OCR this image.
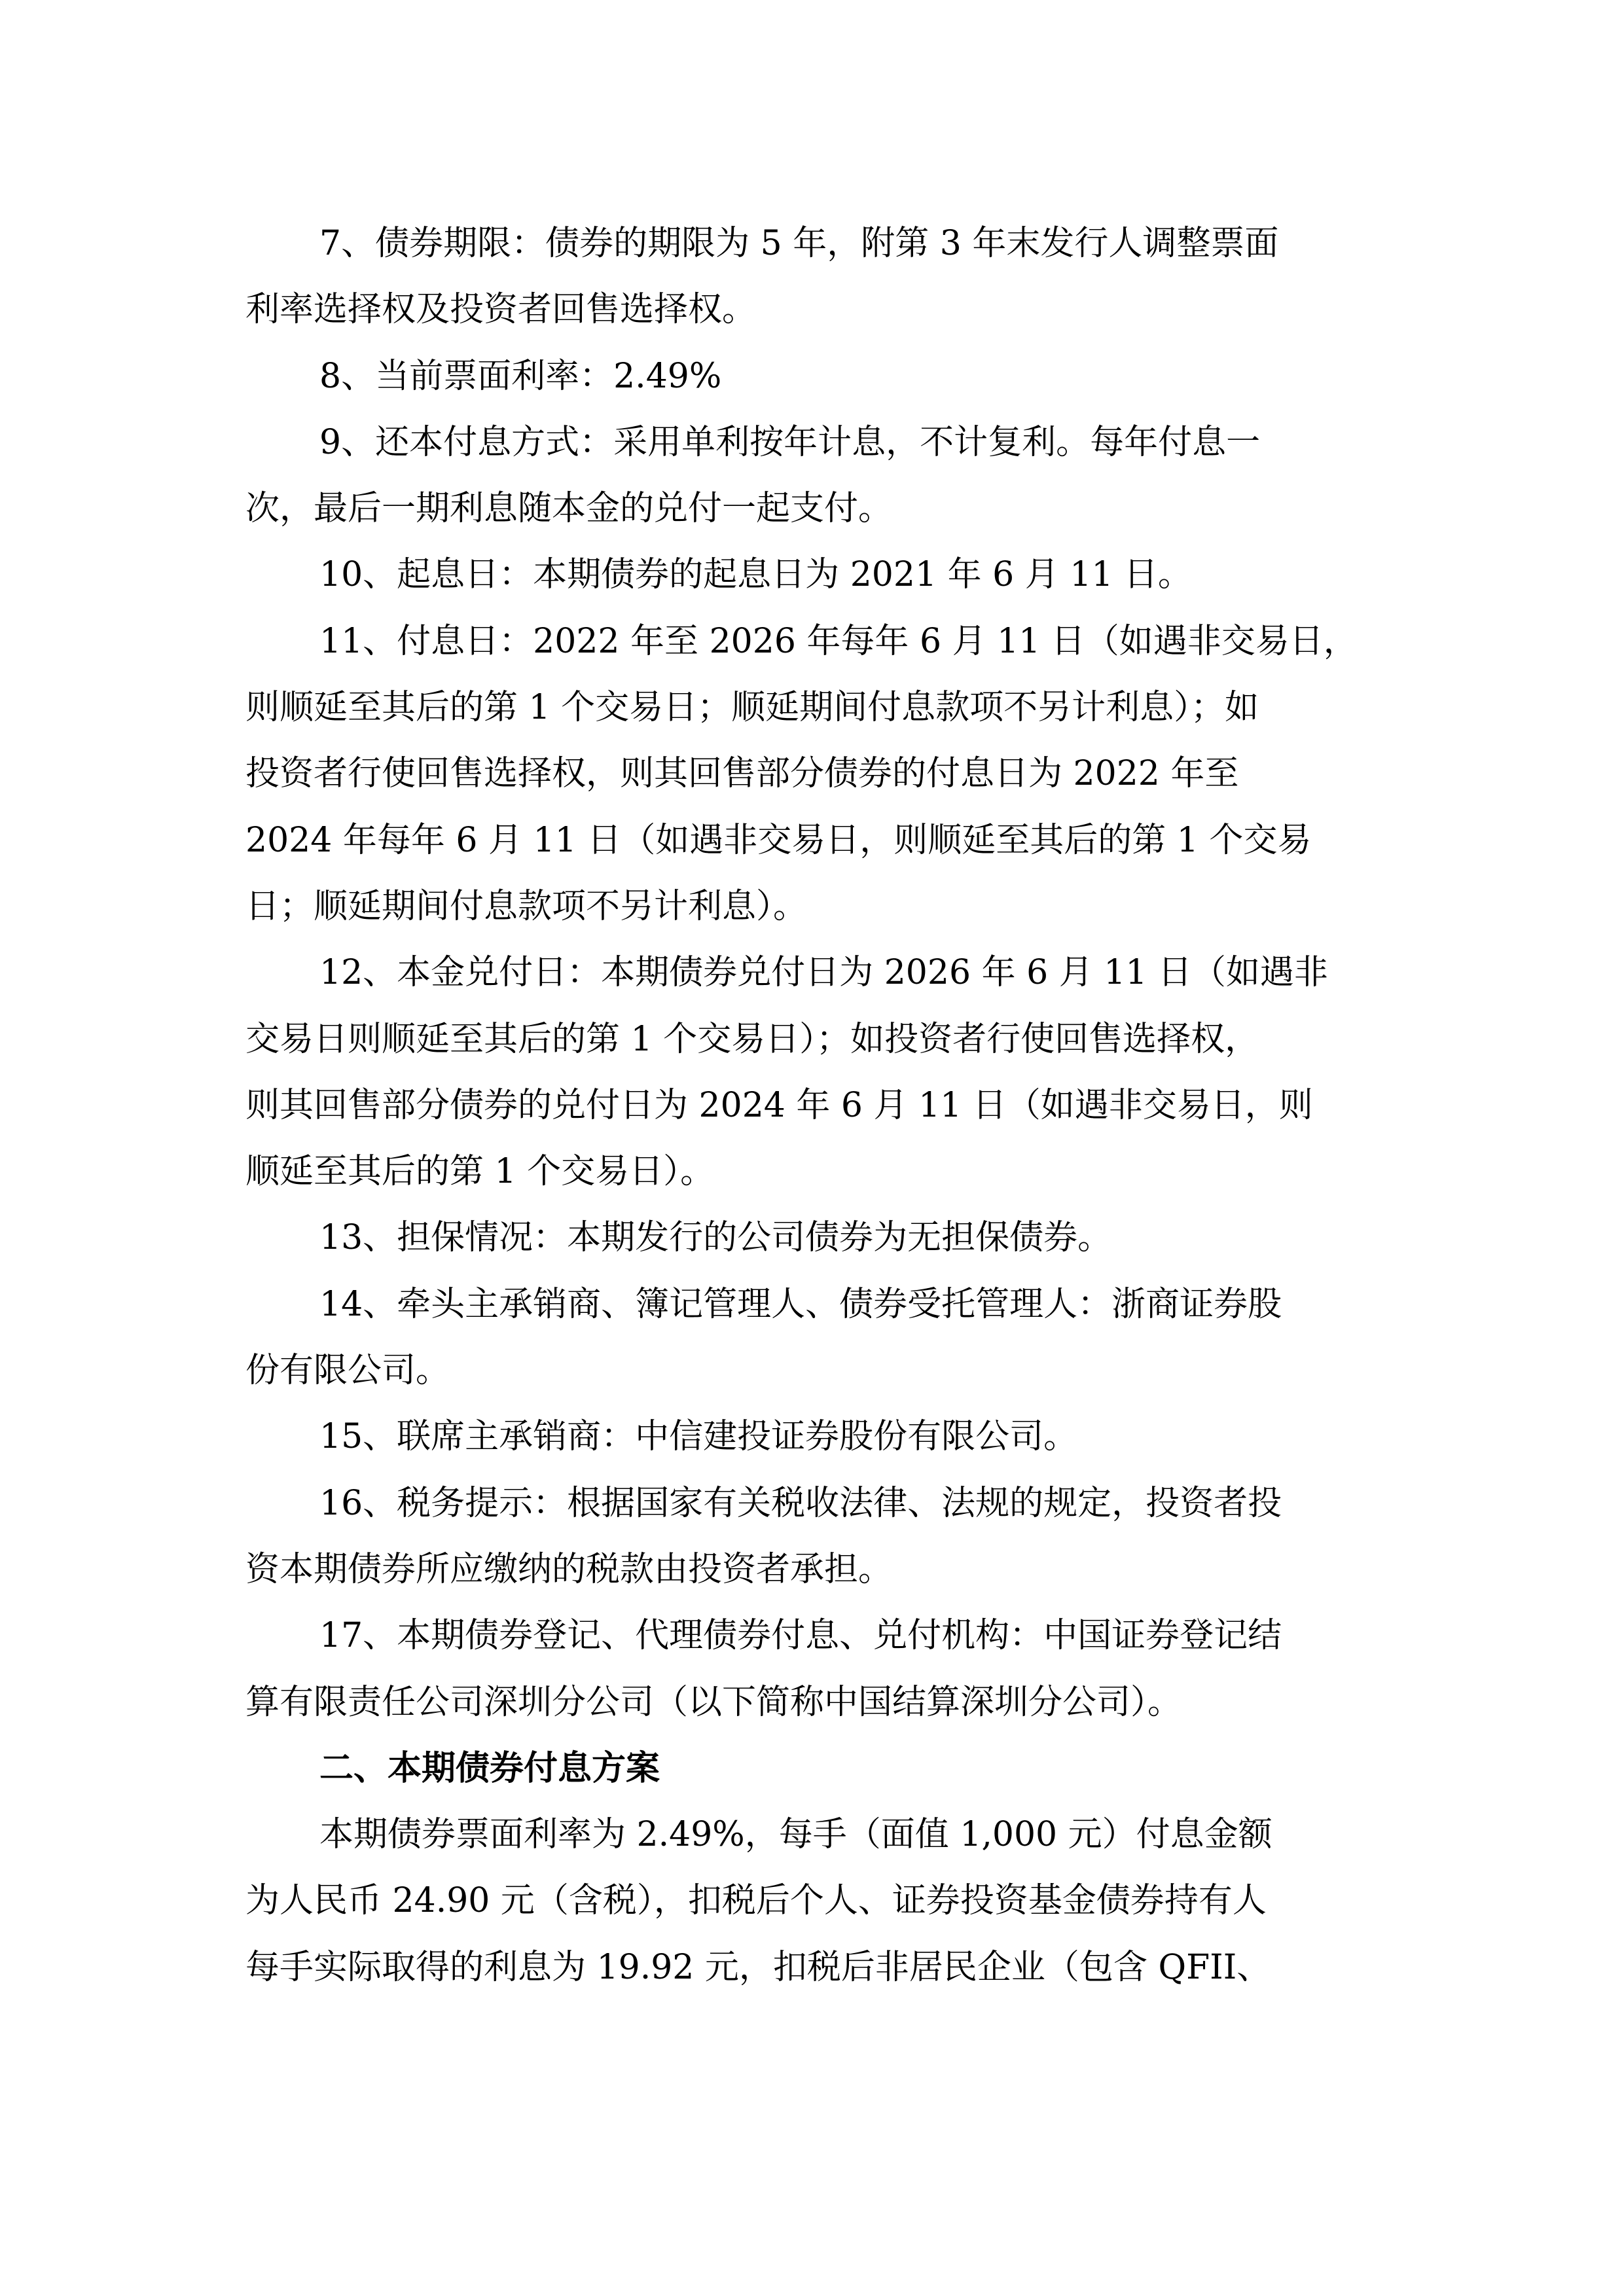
7、债券期限：债券的期限为 5 年，附第 3 年末发行人调整票面
利率选择权及投资者回售选择权。
8、当前票面利率：2.49%
9、还本付息方式：采用单利按年计息，不计复利。每年付息一
次，最后一期利息随本金的兑付一起支付。
10、起息日：本期债券的起息日为 2021 年 6 月 11 日。
11、付息日：2022 年至 2026 年每年 6 月 11 日（如遇非交易日，
则顺延至其后的第 1 个交易日；顺延期间付息款项不另计利息）；如
投资者行使回售选择权，则其回售部分债券的付息日为 2022 年至
2024 年每年 6 月 11 日（如遇非交易日，则顺延至其后的第 1 个交易
日；顺延期间付息款项不另计利息）。
12、本金兑付日：本期债券兑付日为 2026 年 6 月 11 日（如遇非
交易日则顺延至其后的第 1 个交易日）；如投资者行使回售选择权，
则其回售部分债券的兑付日为 2024 年 6 月 11 日（如遇非交易日，则
顺延至其后的第 1 个交易日）。
13、担保情况：本期发行的公司债券为无担保债券。
14、牵头主承销商、簿记管理人、债券受托管理人：浙商证券股
份有限公司。
15、联席主承销商：中信建投证券股份有限公司。
16、税务提示：根据国家有关税收法律、法规的规定，投资者投
资本期债券所应缴纳的税款由投资者承担。
17、本期债券登记、代理债券付息、兑付机构：中国证券登记结
算有限责任公司深圳分公司（以下简称中国结算深圳分公司）。
二、本期债券付息方案
本期债券票面利率为 2.49%，每手（面值 1,000 元）付息金额
为人民币 24.90 元（含税），扣税后个人、证券投资基金债券持有人
每手实际取得的利息为 19.92 元，扣税后非居民企业（包含 QFII、
